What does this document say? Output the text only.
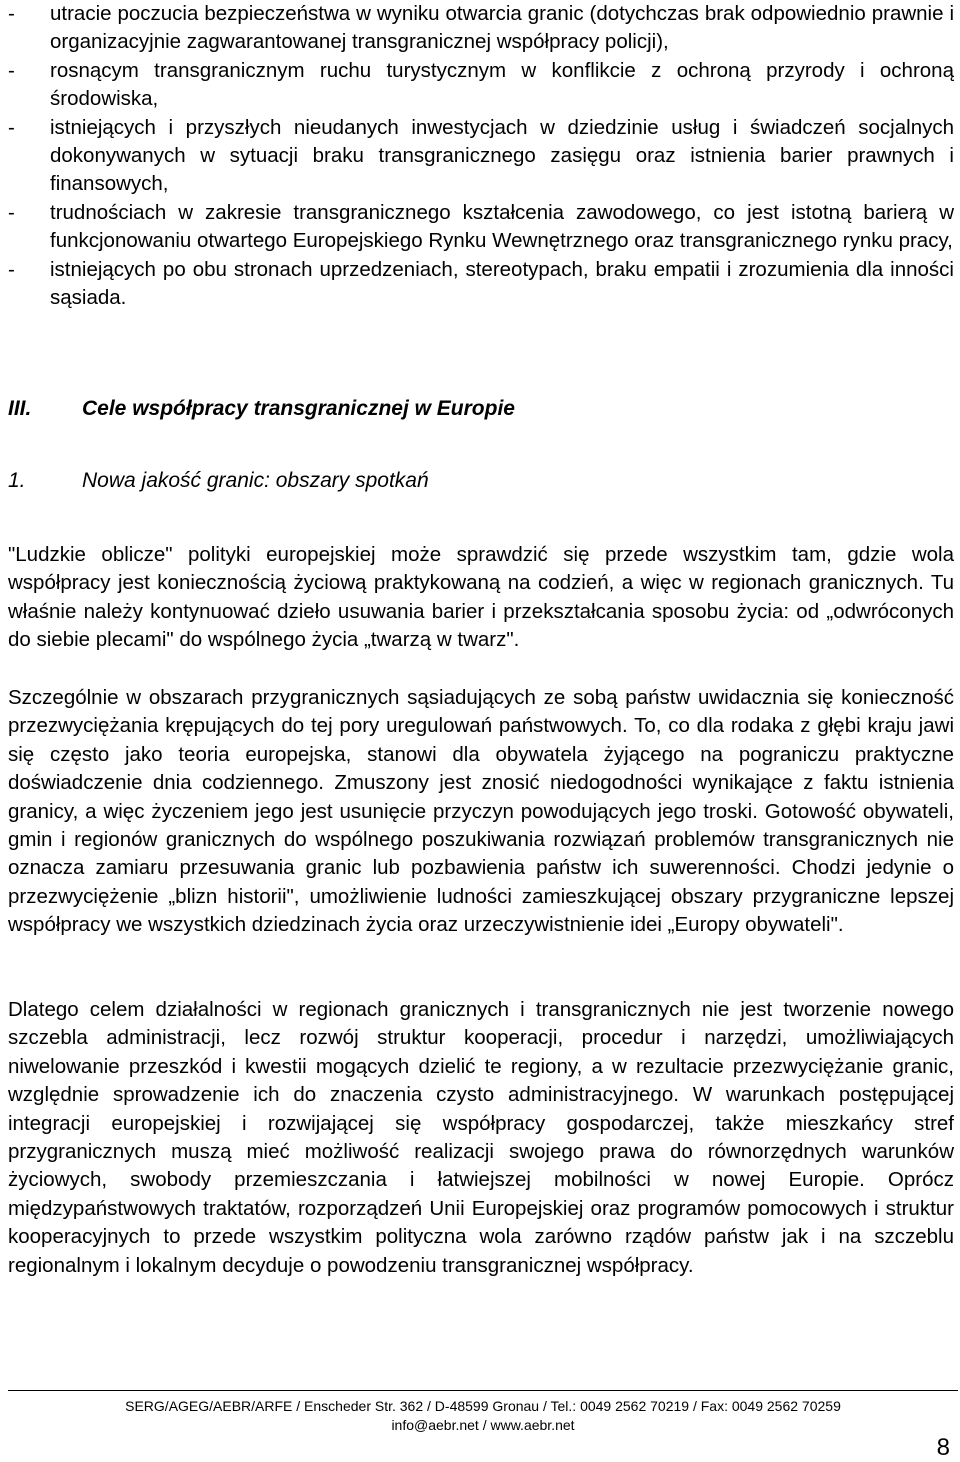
- utracie poczucia bezpieczeństwa w wyniku otwarcia granic (dotychczas brak odpowiednio prawnie i organizacyjnie zagwarantowanej transgranicznej współpracy policji),
- rosnącym transgranicznym ruchu turystycznym w konflikcie z ochroną przyrody i ochroną środowiska,
- istniejących i przyszłych nieudanych inwestycjach w dziedzinie usług i świadczeń socjalnych dokonywanych w sytuacji braku transgranicznego zasięgu oraz istnienia barier prawnych i finansowych,
- trudnościach w zakresie transgranicznego kształcenia zawodowego, co jest istotną barierą w funkcjonowaniu otwartego Europejskiego Rynku Wewnętrznego oraz transgranicznego rynku pracy,
- istniejących po obu stronach uprzedzeniach, stereotypach, braku empatii i zrozumienia dla inności sąsiada.
III. Cele współpracy transgranicznej w Europie
1.	Nowa jakość granic: obszary spotkań

"Ludzkie oblicze" polityki europejskiej może sprawdzić się przede wszystkim tam, gdzie wola współpracy jest koniecznością życiową praktykowaną na codzień, a więc w regionach granicznych. Tu właśnie należy kontynuować dzieło usuwania barier i przekształcania sposobu życia: od „odwróconych do siebie plecami" do wspólnego życia „twarzą w twarz".

Szczególnie w obszarach przygranicznych sąsiadujących ze sobą państw uwidacznia się konieczność przezwyciężania krępujących do tej pory uregulowań państwowych. To, co dla rodaka z głębi kraju jawi się często jako teoria europejska, stanowi dla obywatela żyjącego na pograniczu praktyczne doświadczenie dnia codziennego. Zmuszony jest znosić niedogodności wynikające z faktu istnienia granicy, a więc życzeniem jego jest usunięcie przyczyn powodujących jego troski. Gotowość obywateli, gmin i regionów granicznych do wspólnego poszukiwania rozwiązań problemów transgranicznych nie oznacza zamiaru przesuwania granic lub pozbawienia państw ich suwerenności. Chodzi jedynie o przezwyciężenie „blizn historii", umożliwienie ludności zamieszkującej obszary przygraniczne lepszej współpracy we wszystkich dziedzinach życia oraz urzeczywistnienie idei „Europy obywateli".

Dlatego celem działalności w regionach granicznych i transgranicznych nie jest tworzenie nowego szczebla administracji, lecz rozwój struktur kooperacji, procedur i narzędzi, umożliwiających niwelowanie przeszkód i kwestii mogących dzielić te regiony, a w rezultacie przezwyciężanie granic, względnie sprowadzenie ich do znaczenia czysto administracyjnego. W warunkach postępującej integracji europejskiej i rozwijającej się współpracy gospodarczej, także mieszkańcy stref przygranicznych muszą mieć możliwość realizacji swojego prawa do równorzędnych warunków życiowych, swobody przemieszczania i łatwiejszej mobilności w nowej Europie. Oprócz międzypaństwowych traktatów, rozporządzeń Unii Europejskiej oraz programów pomocowych i struktur kooperacyjnych to przede wszystkim polityczna wola zarówno rządów państw jak i na szczeblu regionalnym i lokalnym decyduje o powodzeniu transgranicznej współpracy.

SERG/AGEG/AEBR/ARFE / Enscheder Str. 362 / D-48599 Gronau / Tel.: 0049 2562 70219 / Fax: 0049 2562 70259
info@aebr.net / www.aebr.net
8
